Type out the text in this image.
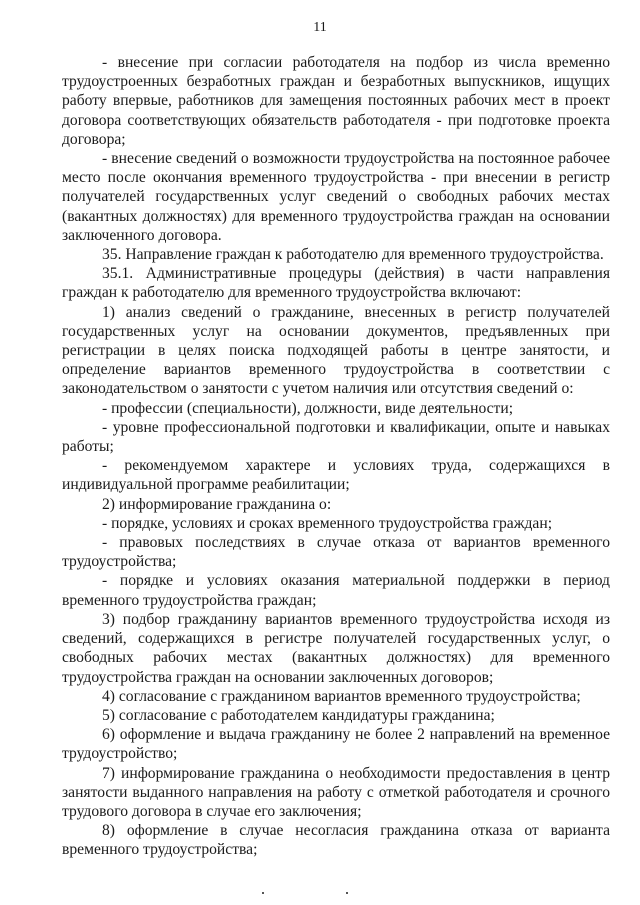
11

- внесение при согласии работодателя на подбор из числа временно трудоустроенных безработных граждан и безработных выпускников, ищущих работу впервые, работников для замещения постоянных рабочих мест в проект договора соответствующих обязательств работодателя - при подготовке проекта договора;

- внесение сведений о возможности трудоустройства на постоянное рабочее место после окончания временного трудоустройства - при внесении в регистр получателей государственных услуг сведений о свободных рабочих местах (вакантных должностях) для временного трудоустройства граждан на основании заключенного договора.

35. Направление граждан к работодателю для временного трудоустройства.

35.1. Административные процедуры (действия) в части направления граждан к работодателю для временного трудоустройства включают:

1) анализ сведений о гражданине, внесенных в регистр получателей государственных услуг на основании документов, предъявленных при регистрации в целях поиска подходящей работы в центре занятости, и определение вариантов временного трудоустройства в соответствии с законодательством о занятости с учетом наличия или отсутствия сведений о:

- профессии (специальности), должности, виде деятельности;

- уровне профессиональной подготовки и квалификации, опыте и навыках работы;

- рекомендуемом характере и условиях труда, содержащихся в индивидуальной программе реабилитации;

2) информирование гражданина о:

- порядке, условиях и сроках временного трудоустройства граждан;

- правовых последствиях в случае отказа от вариантов временного трудоустройства;

- порядке и условиях оказания материальной поддержки в период временного трудоустройства граждан;

3) подбор гражданину вариантов временного трудоустройства исходя из сведений, содержащихся в регистре получателей государственных услуг, о свободных рабочих местах (вакантных должностях) для временного трудоустройства граждан на основании заключенных договоров;

4) согласование с гражданином вариантов временного трудоустройства;

5) согласование с работодателем кандидатуры гражданина;

6) оформление и выдача гражданину не более 2 направлений на временное трудоустройство;

7) информирование гражданина о необходимости предоставления в центр занятости выданного направления на работу с отметкой работодателя и срочного трудового договора в случае его заключения;

8) оформление в случае несогласия гражданина отказа от варианта временного трудоустройства;
